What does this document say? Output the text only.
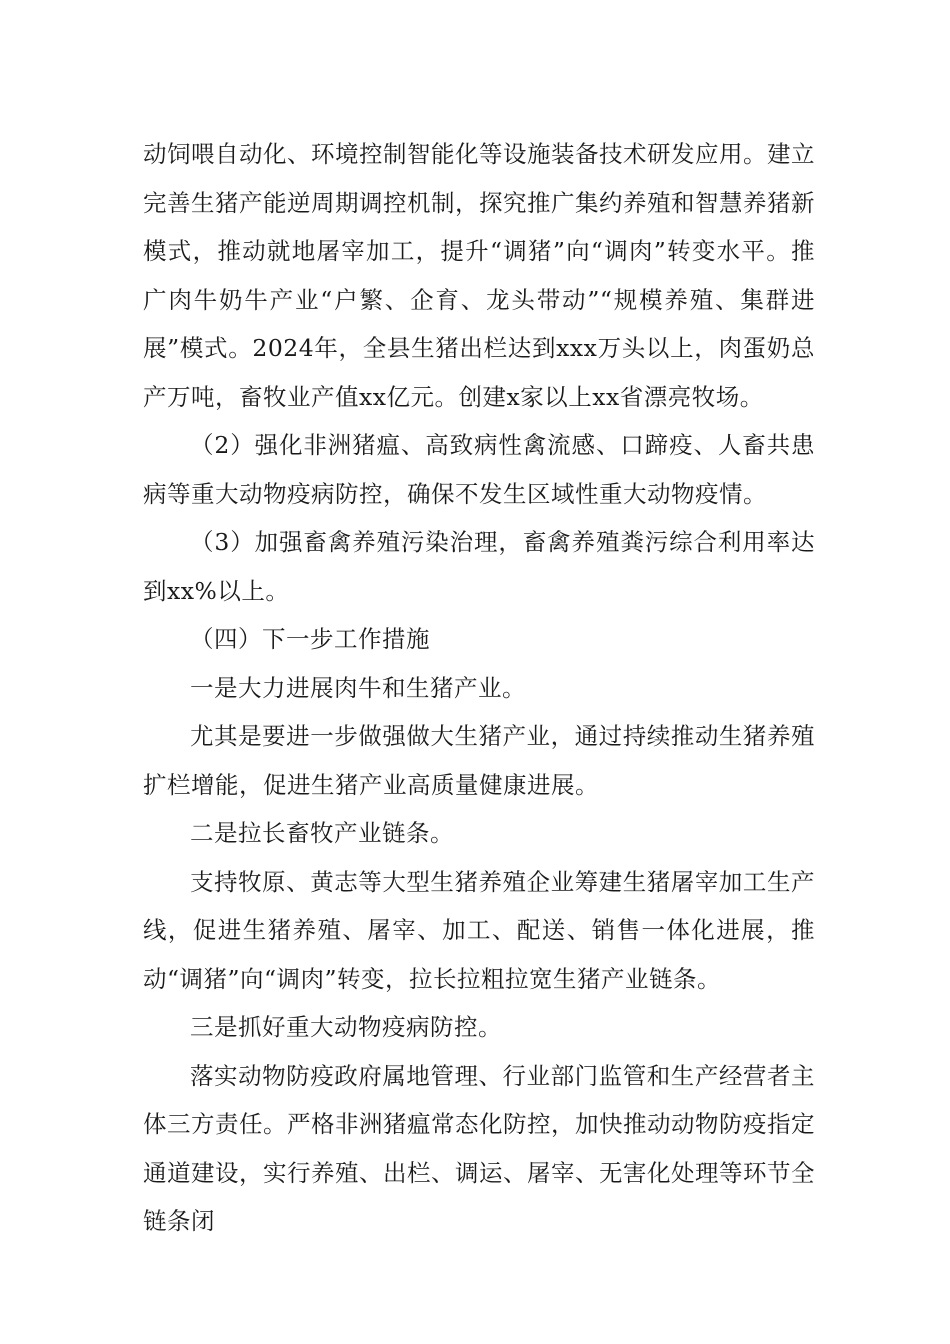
动饲喂自动化、环境控制智能化等设施装备技术研发应用。建立完善生猪产能逆周期调控机制，探究推广集约养殖和智慧养猪新模式，推动就地屠宰加工，提升“调猪”向“调肉”转变水平。推广肉牛奶牛产业“户繁、企育、龙头带动”“规模养殖、集群进展”模式。2024年，全县生猪出栏达到xxx万头以上，肉蛋奶总产万吨，畜牧业产值xx亿元。创建x家以上xx省漂亮牧场。

（2）强化非洲猪瘟、高致病性禽流感、口蹄疫、人畜共患病等重大动物疫病防控，确保不发生区域性重大动物疫情。

（3）加强畜禽养殖污染治理，畜禽养殖粪污综合利用率达到xx%以上。

（四）下一步工作措施

一是大力进展肉牛和生猪产业。

尤其是要进一步做强做大生猪产业，通过持续推动生猪养殖扩栏增能，促进生猪产业高质量健康进展。

二是拉长畜牧产业链条。

支持牧原、黄志等大型生猪养殖企业筹建生猪屠宰加工生产线，促进生猪养殖、屠宰、加工、配送、销售一体化进展，推动“调猪”向“调肉”转变，拉长拉粗拉宽生猪产业链条。

三是抓好重大动物疫病防控。

落实动物防疫政府属地管理、行业部门监管和生产经营者主体三方责任。严格非洲猪瘟常态化防控，加快推动动物防疫指定通道建设，实行养殖、出栏、调运、屠宰、无害化处理等环节全链条闭
